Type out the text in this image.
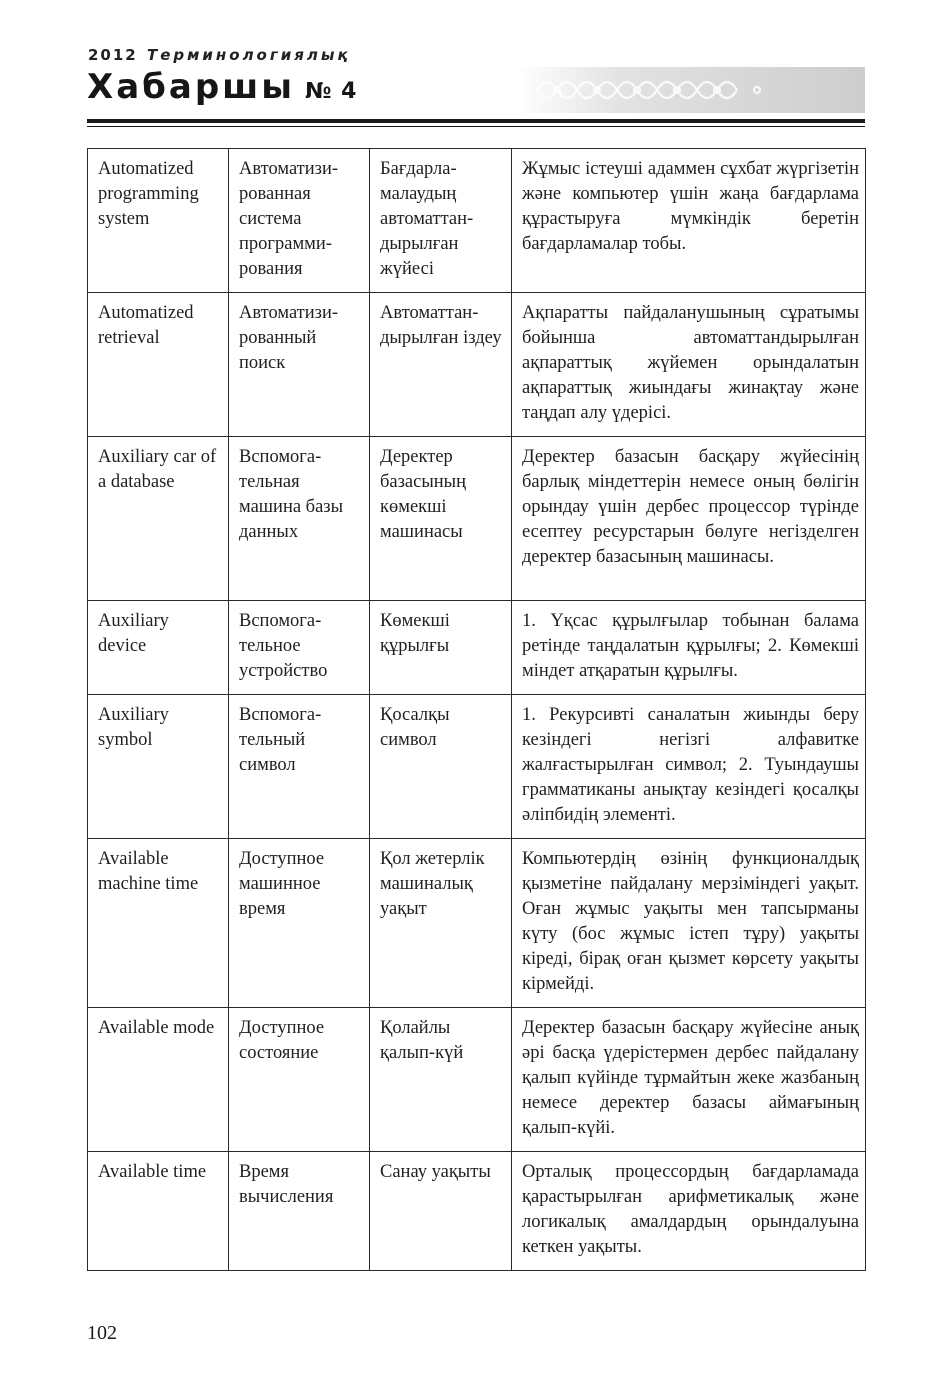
2012 Терминологиялық
Хабаршы № 4
Automatized programming system	Автоматизи-рованная система программи-рования	Бағдарла-малаудың автоматтан-дырылған жүйесі	Жұмыс істеуші адаммен сұхбат жүргізетін және компьютер үшін жаңа бағдарлама құрастыруға мүмкіндік беретін бағдарламалар тобы.
Automatized retrieval	Автоматизи-рованный поиск	Автоматтан-дырылған іздеу	Ақпаратты пайдаланушының сұратымы бойынша автоматтандырылған ақпараттық жүйемен орындалатын ақпараттық жиындағы жинақтау және таңдап алу үдерісі.
Auxiliary car of a database	Вспомога-тельная машина базы данных	Деректер базасының көмекші машинасы	Деректер базасын басқару жүйесінің барлық міндеттерін немесе оның бөлігін орындау үшін дербес процессор түрінде есептеу ресурстарын бөлуге негізделген деректер базасының машинасы.
Auxiliary device	Вспомога-тельное устройство	Көмекші құрылғы	1. Үқсас құрылғылар тобынан балама ретінде таңдалатын құрылғы; 2. Көмекші міндет атқаратын құрылғы.
Auxiliary symbol	Вспомога-тельный символ	Қосалқы символ	1. Рекурсивті саналатын жиынды беру кезіндегі негізгі алфавитке жалғастырылған символ; 2. Туындаушы грамматиканы анықтау кезіндегі қосалқы әліпбидің элементі.
Available machine time	Доступное машинное время	Қол жетерлік машиналық уақыт	Компьютердің өзінің функционалдық қызметіне пайдалану мерзіміндегі уақыт. Оған жұмыс уақыты мен тапсырманы күту (бос жұмыс істеп тұру) уақыты кіреді, бірақ оған қызмет көрсету уақыты кірмейді.
Available mode	Доступное состояние	Қолайлы қалып-күй	Деректер базасын басқару жүйесіне анық әрі басқа үдерістермен дербес пайдалану қалып күйінде тұрмайтын жеке жазбаның немесе деректер базасы аймағының қалып-күйі.
Available time	Время вычисления	Санау уақыты	Орталық процессордың бағдарламада қарастырылған арифметикалық және логикалық амалдардың орындалуына кеткен уақыты.
102
